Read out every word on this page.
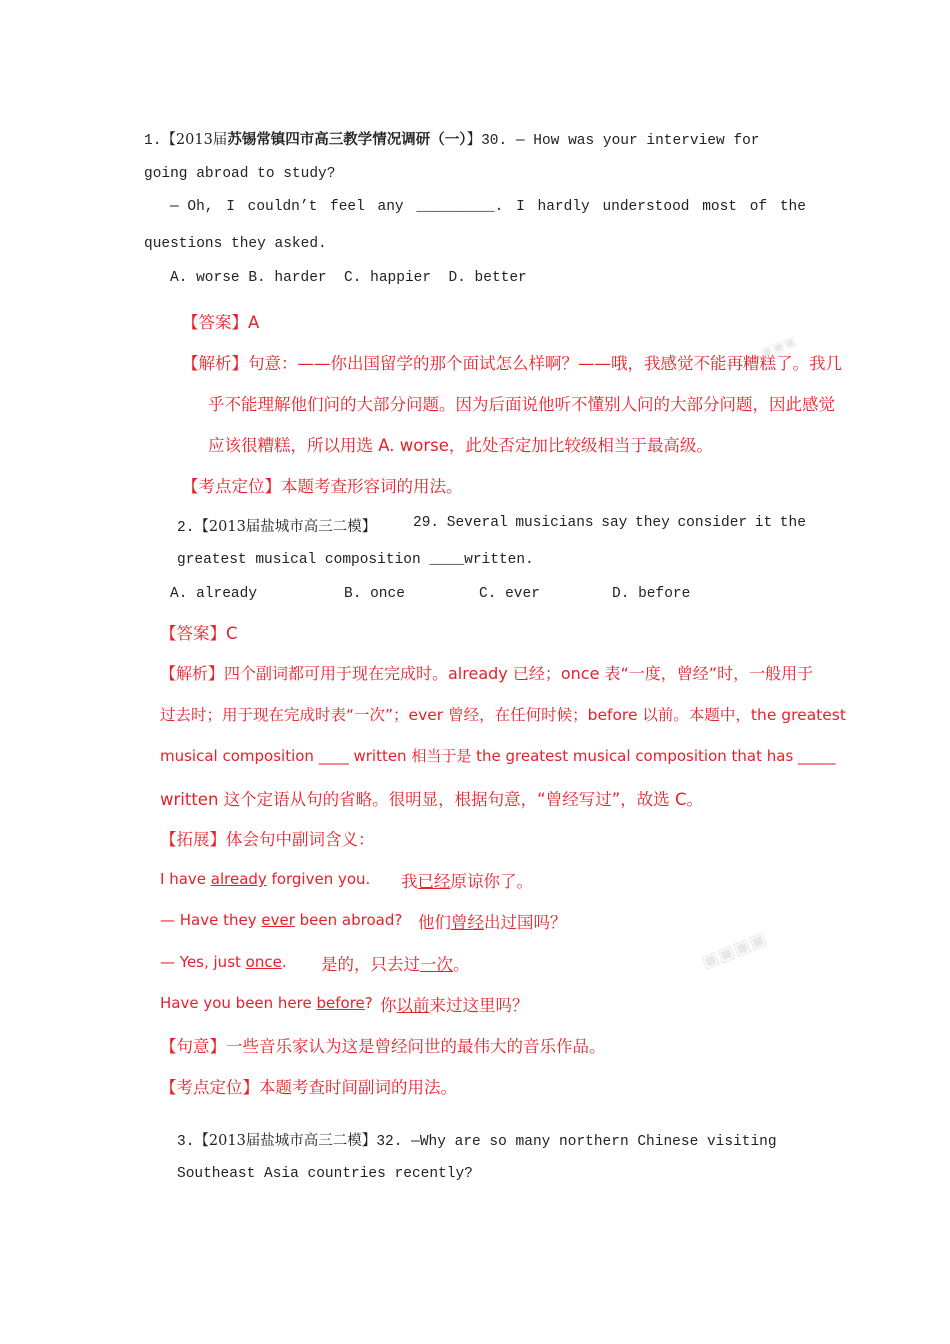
1.【2013届苏锡常镇四市高三教学情况调研（一）】30. — How was your interview for
going abroad to study?
— Oh, I couldn’t feel any _________. I hardly understood most of the
questions they asked.
A. worse B. harder  C. happier  D. better
【答案】A
【解析】句意：——你出国留学的那个面试怎么样啊？——哦，我感觉不能再糟糕了。我几
乎不能理解他们问的大部分问题。因为后面说他听不懂别人问的大部分问题，因此感觉
应该很糟糕，所以用选 A. worse，此处否定加比较级相当于最高级。
【考点定位】本题考查形容词的用法。
2.【2013届盐城市高三二模】	29. Several musicians say they consider it the
greatest musical composition ____written.
A. already	B. once	C. ever	D. before
【答案】C
【解析】四个副词都可用于现在完成时。already 已经；once 表“一度，曾经”时，一般用于
过去时；用于现在完成时表“一次”；ever 曾经，在任何时候；before 以前。本题中，the greatest
musical composition ____ written 相当于是 the greatest musical composition that has _____
written 这个定语从句的省略。很明显，根据句意，“曾经写过”，故选 C。
【拓展】体会句中副词含义：
I have already forgiven you. 我已经原谅你了。
— Have they ever been abroad? 他们曾经出过国吗？
— Yes, just once. 是的，只去过一次。
Have you been here before? 你以前来过这里吗？
【句意】一些音乐家认为这是曾经问世的最伟大的音乐作品。
【考点定位】本题考查时间副词的用法。
3.【2013届盐城市高三二模】32. —Why are so many northern Chinese visiting
Southeast Asia countries recently?
▣▣▣
▣▣▣▣
